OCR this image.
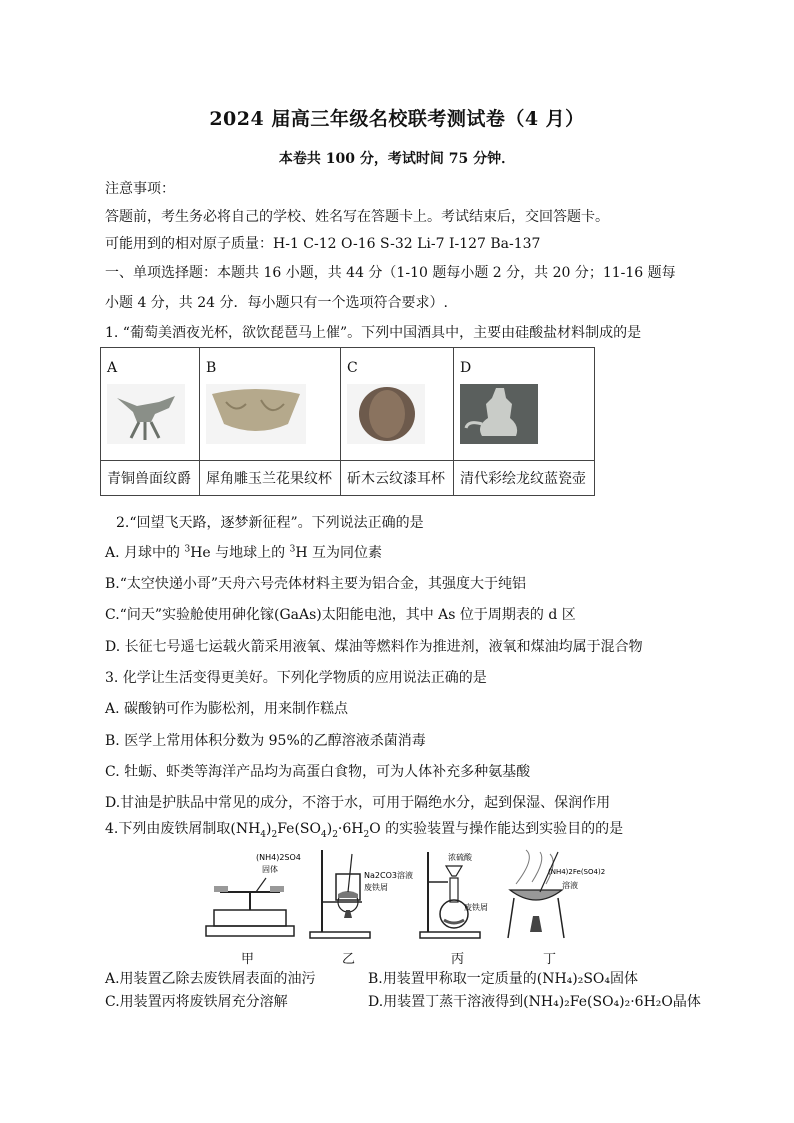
2024 届高三年级名校联考测试卷（4 月）
本卷共 100 分，考试时间 75 分钟．
注意事项：
答题前，考生务必将自己的学校、姓名写在答题卡上。考试结束后，交回答题卡。
可能用到的相对原子质量：H-1 C-12 O-16 S-32 Li-7 I-127 Ba-137
一、单项选择题：本题共 16 小题，共 44 分（1-10 题每小题 2 分，共 20 分；11-16 题每
小题 4 分，共 24 分．每小题只有一个选项符合要求）.
1. “葡萄美酒夜光杯，欲饮琵琶马上催”。下列中国酒具中，主要由硅酸盐材料制成的是
A	B	C	D

青铜兽面纹爵	犀角雕玉兰花果纹杯	斫木云纹漆耳杯	清代彩绘龙纹蓝瓷壶
2.“回望飞天路，逐梦新征程”。下列说法正确的是
A. 月球中的 $^3$He 与地球上的 $^3$H 互为同位素
B.“太空快递小哥”天舟六号壳体材料主要为铝合金，其强度大于纯铝
C.“问天”实验舱使用砷化镓(GaAs)太阳能电池，其中 As 位于周期表的 d 区
D. 长征七号遥七运载火箭采用液氧、煤油等燃料作为推进剂，液氧和煤油均属于混合物
3. 化学让生活变得更美好。下列化学物质的应用说法正确的是
A. 碳酸钠可作为膨松剂，用来制作糕点
B. 医学上常用体积分数为 95%的乙醇溶液杀菌消毒
C. 牡蛎、虾类等海洋产品均为高蛋白食物，可为人体补充多种氨基酸
D.甘油是护肤品中常见的成分，不溶于水，可用于隔绝水分，起到保湿、保润作用
4.下列由废铁屑制取$(NH_4)_2Fe(SO_4)_2\cdot 6H_2O$ 的实验装置与操作能达到实验目的的是
(NH4)2SO4
固体
甲
Na2CO3溶液
废铁屑
乙
浓硫酸
废铁屑
丙
(NH4)2Fe(SO4)2
溶液
丁
A.用装置乙除去废铁屑表面的油污	B.用装置甲称取一定质量的(NH₄)₂SO₄固体
C.用装置丙将废铁屑充分溶解	D.用装置丁蒸干溶液得到(NH₄)₂Fe(SO₄)₂·6H₂O晶体
